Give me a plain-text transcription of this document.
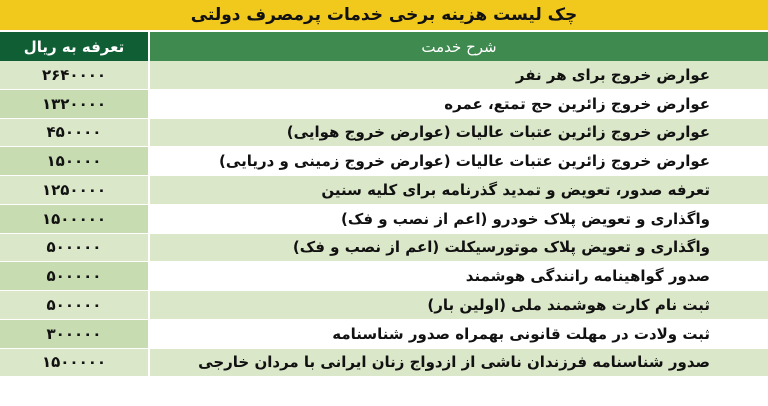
چک لیست هزینه برخی خدمات پرمصرف دولتی
تعرفه به ریال	شرح خدمت
۲۶۴۰۰۰۰	عوارض خروج برای هر نفر
۱۳۲۰۰۰۰	عوارض خروج زائرین حج تمتع، عمره
۴۵۰۰۰۰	عوارض خروج زائرین عتبات عالیات (عوارض خروج هوایی)
۱۵۰۰۰۰	عوارض خروج زائرین عتبات عالیات (عوارض خروج زمینی و دریایی)
۱۲۵۰۰۰۰	تعرفه صدور، تعویض و تمدید گذرنامه برای کلیه سنین
۱۵۰۰۰۰۰	واگذاری و تعویض پلاک خودرو (اعم از نصب و فک)
۵۰۰۰۰۰	واگذاری و تعویض پلاک موتورسیکلت (اعم از نصب و فک)
۵۰۰۰۰۰	صدور گواهینامه رانندگی هوشمند
۵۰۰۰۰۰	ثبت نام کارت هوشمند ملی (اولین بار)
۳۰۰۰۰۰	ثبت ولادت در مهلت قانونی بهمراه صدور شناسنامه
۱۵۰۰۰۰۰	صدور شناسنامه فرزندان ناشی از ازدواج زنان ایرانی با مردان خارجی
